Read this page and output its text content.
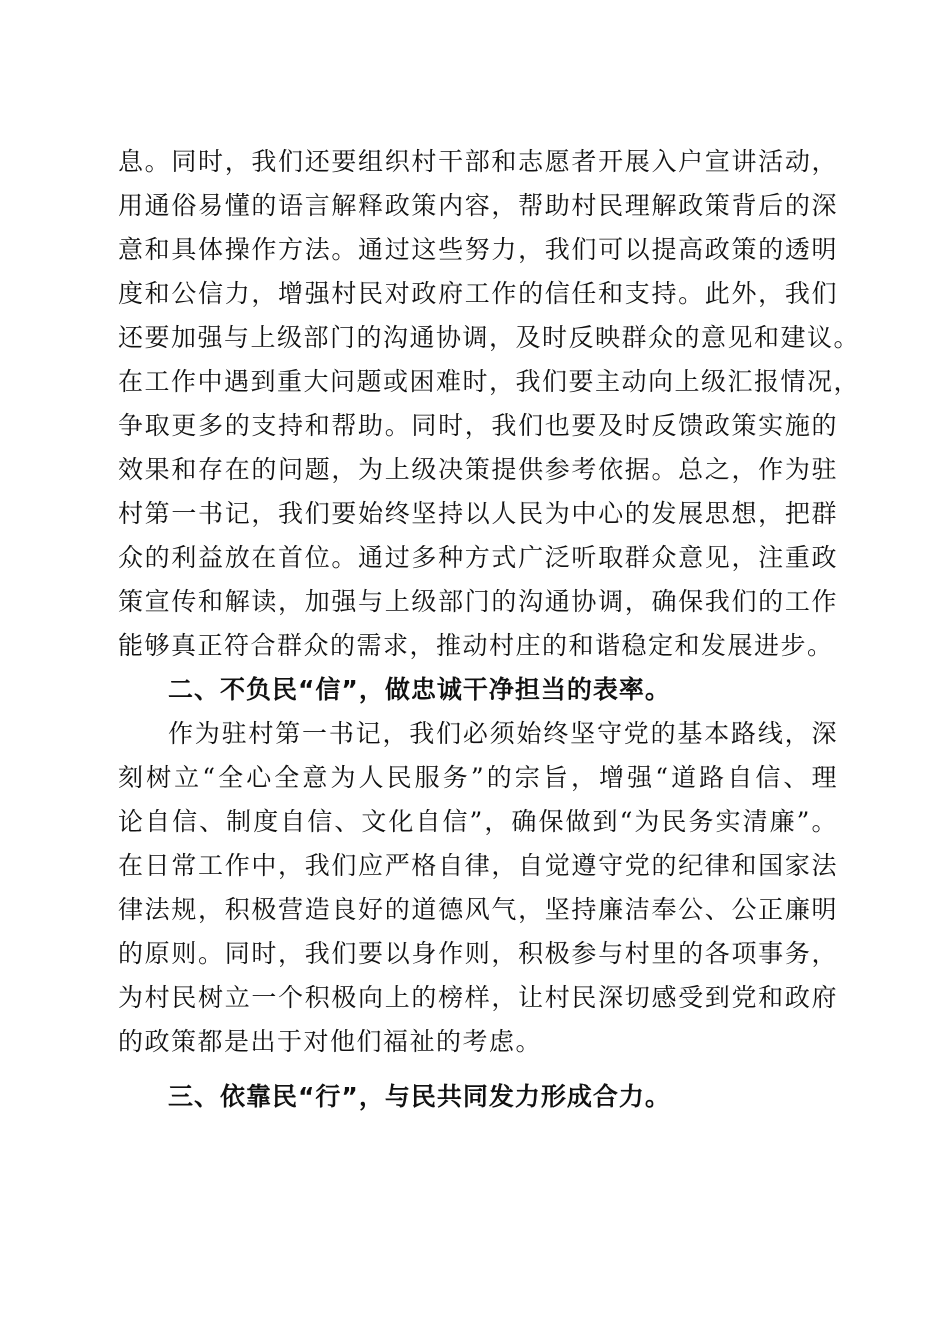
息。同时，我们还要组织村干部和志愿者开展入户宣讲活动，
用通俗易懂的语言解释政策内容，帮助村民理解政策背后的深
意和具体操作方法。通过这些努力，我们可以提高政策的透明
度和公信力，增强村民对政府工作的信任和支持。此外，我们
还要加强与上级部门的沟通协调，及时反映群众的意见和建议。
在工作中遇到重大问题或困难时，我们要主动向上级汇报情况，
争取更多的支持和帮助。同时，我们也要及时反馈政策实施的
效果和存在的问题，为上级决策提供参考依据。总之，作为驻
村第一书记，我们要始终坚持以人民为中心的发展思想，把群
众的利益放在首位。通过多种方式广泛听取群众意见，注重政
策宣传和解读，加强与上级部门的沟通协调，确保我们的工作
能够真正符合群众的需求，推动村庄的和谐稳定和发展进步。
二、不负民“信”，做忠诚干净担当的表率。
作为驻村第一书记，我们必须始终坚守党的基本路线，深
刻树立“全心全意为人民服务”的宗旨，增强“道路自信、理
论自信、制度自信、文化自信”，确保做到“为民务实清廉”。
在日常工作中，我们应严格自律，自觉遵守党的纪律和国家法
律法规，积极营造良好的道德风气，坚持廉洁奉公、公正廉明
的原则。同时，我们要以身作则，积极参与村里的各项事务，
为村民树立一个积极向上的榜样，让村民深切感受到党和政府
的政策都是出于对他们福祉的考虑。
三、依靠民“行”，与民共同发力形成合力。
